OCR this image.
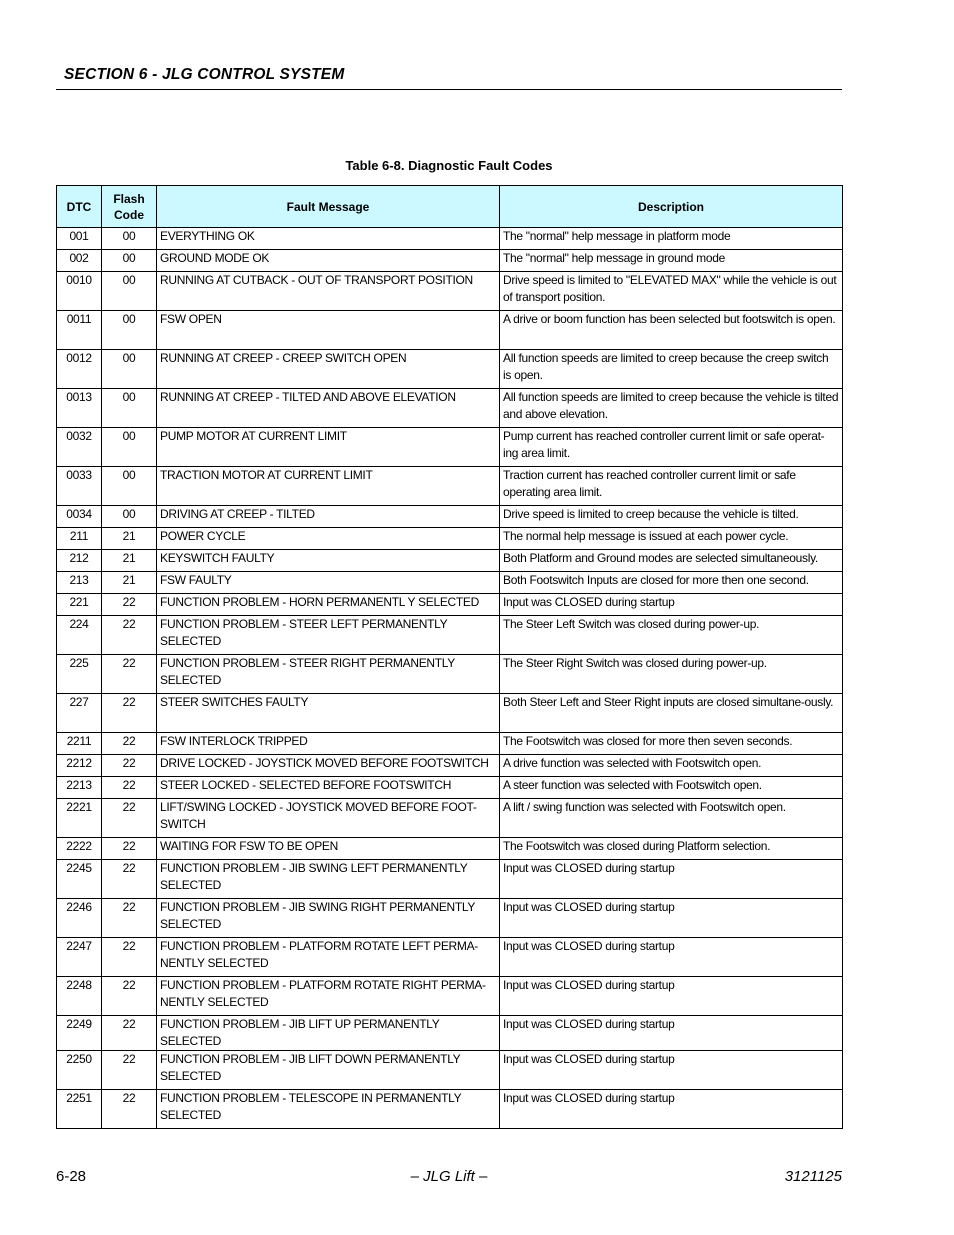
SECTION 6 - JLG CONTROL SYSTEM
Table 6-8. Diagnostic Fault Codes
DTC	Flash Code	Fault Message	Description
001	00	EVERYTHING OK	The "normal" help message in platform mode
002	00	GROUND MODE OK	The "normal" help message in ground mode
0010	00	RUNNING AT CUTBACK - OUT OF TRANSPORT POSITION	Drive speed is limited to "ELEVATED MAX" while the vehicle is out of transport position.
0011	00	FSW OPEN	A drive or boom function has been selected but footswitch is open.
0012	00	RUNNING AT CREEP - CREEP SWITCH OPEN	All function speeds are limited to creep because the creep switch is open.
0013	00	RUNNING AT CREEP - TILTED AND ABOVE ELEVATION	All function speeds are limited to creep because the vehicle is tilted and above elevation.
0032	00	PUMP MOTOR AT CURRENT LIMIT	Pump current has reached controller current limit or safe operat-ing area limit.
0033	00	TRACTION MOTOR AT CURRENT LIMIT	Traction current has reached controller current limit or safe operating area limit.
0034	00	DRIVING AT CREEP - TILTED	Drive speed is limited to creep because the vehicle is tilted.
211	21	POWER CYCLE	The normal help message is issued at each power cycle.
212	21	KEYSWITCH FAULTY	Both Platform and Ground modes are selected simultaneously.
213	21	FSW FAULTY	Both Footswitch Inputs are closed for more then one second.
221	22	FUNCTION PROBLEM - HORN PERMANENTL Y SELECTED	Input was CLOSED during startup
224	22	FUNCTION PROBLEM - STEER LEFT PERMANENTLY SELECTED	The Steer Left Switch was closed during power-up.
225	22	FUNCTION PROBLEM - STEER RIGHT PERMANENTLY SELECTED	The Steer Right Switch was closed during power-up.
227	22	STEER SWITCHES FAULTY	Both Steer Left and Steer Right inputs are closed simultane-ously.
2211	22	FSW INTERLOCK TRIPPED	The Footswitch was closed for more then seven seconds.
2212	22	DRIVE LOCKED - JOYSTICK MOVED BEFORE FOOTSWITCH	A drive function was selected with Footswitch open.
2213	22	STEER LOCKED - SELECTED BEFORE FOOTSWITCH	A steer function was selected with Footswitch open.
2221	22	LIFT/SWING LOCKED - JOYSTICK MOVED BEFORE FOOT-SWITCH	A lift / swing function was selected with Footswitch open.
2222	22	WAITING FOR FSW TO BE OPEN	The Footswitch was closed during Platform selection.
2245	22	FUNCTION PROBLEM - JIB SWING LEFT PERMANENTLY SELECTED	Input was CLOSED during startup
2246	22	FUNCTION PROBLEM - JIB SWING RIGHT PERMANENTLY SELECTED	Input was CLOSED during startup
2247	22	FUNCTION PROBLEM - PLATFORM ROTATE LEFT PERMA-NENTLY SELECTED	Input was CLOSED during startup
2248	22	FUNCTION PROBLEM - PLATFORM ROTATE RIGHT PERMA-NENTLY SELECTED	Input was CLOSED during startup
2249	22	FUNCTION PROBLEM - JIB LIFT UP PERMANENTLY SELECTED	Input was CLOSED during startup
2250	22	FUNCTION PROBLEM - JIB LIFT DOWN PERMANENTLY SELECTED	Input was CLOSED during startup
2251	22	FUNCTION PROBLEM - TELESCOPE IN PERMANENTLY SELECTED	Input was CLOSED during startup
6-28	– JLG Lift –	3121125
